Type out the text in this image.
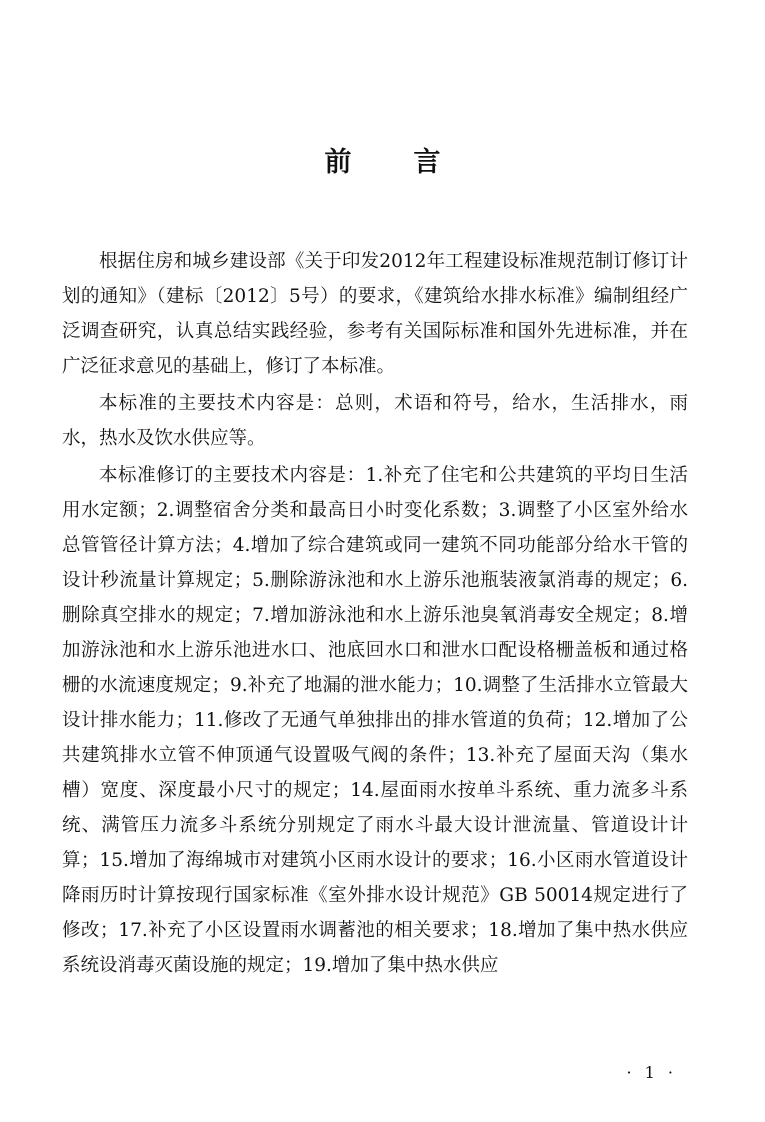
前 言

根据住房和城乡建设部《关于印发2012年工程建设标准规范制订修订计划的通知》（建标〔2012〕5号）的要求，《建筑给水排水标准》编制组经广泛调查研究，认真总结实践经验，参考有关国际标准和国外先进标准，并在广泛征求意见的基础上，修订了本标准。

本标准的主要技术内容是：总则，术语和符号，给水，生活排水，雨水，热水及饮水供应等。

本标准修订的主要技术内容是：1.补充了住宅和公共建筑的平均日生活用水定额；2.调整宿舍分类和最高日小时变化系数；3.调整了小区室外给水总管管径计算方法；4.增加了综合建筑或同一建筑不同功能部分给水干管的设计秒流量计算规定；5.删除游泳池和水上游乐池瓶装液氯消毒的规定；6.删除真空排水的规定；7.增加游泳池和水上游乐池臭氧消毒安全规定；8.增加游泳池和水上游乐池进水口、池底回水口和泄水口配设格栅盖板和通过格栅的水流速度规定；9.补充了地漏的泄水能力；10.调整了生活排水立管最大设计排水能力；11.修改了无通气单独排出的排水管道的负荷；12.增加了公共建筑排水立管不伸顶通气设置吸气阀的条件；13.补充了屋面天沟（集水槽）宽度、深度最小尺寸的规定；14.屋面雨水按单斗系统、重力流多斗系统、满管压力流多斗系统分别规定了雨水斗最大设计泄流量、管道设计计算；15.增加了海绵城市对建筑小区雨水设计的要求；16.小区雨水管道设计降雨历时计算按现行国家标准《室外排水设计规范》GB 50014规定进行了修改；17.补充了小区设置雨水调蓄池的相关要求；18.增加了集中热水供应系统设消毒灭菌设施的规定；19.增加了集中热水供应

· 1 ·
